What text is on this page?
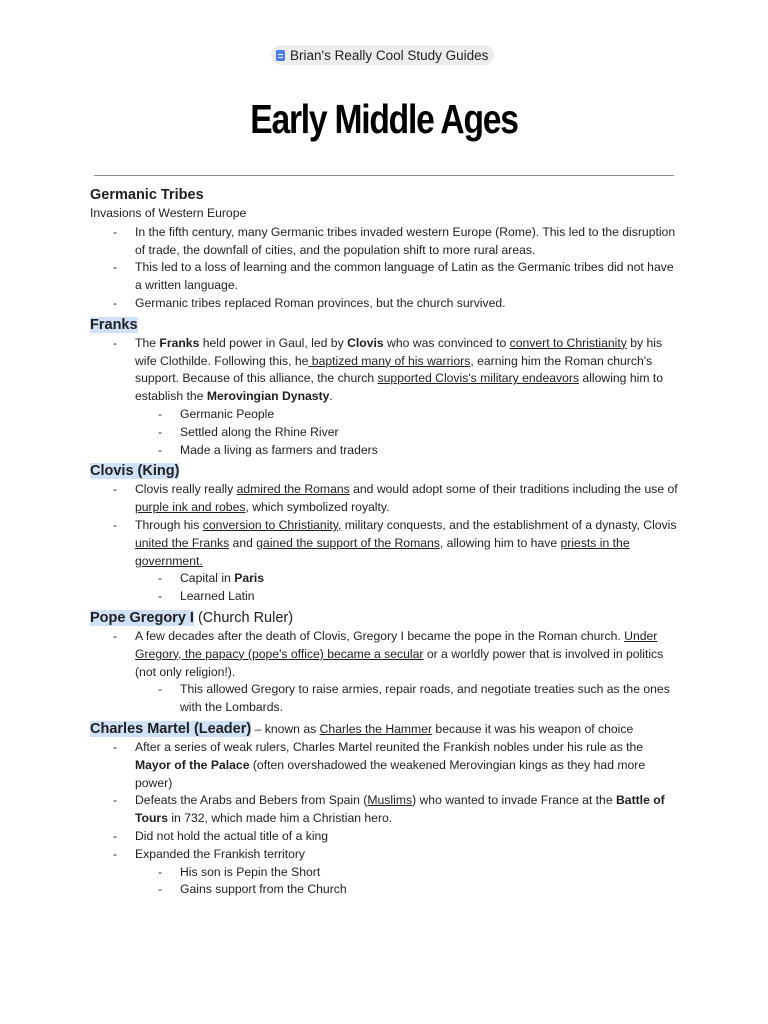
Brian's Really Cool Study Guides
Early Middle Ages
Germanic Tribes
Invasions of Western Europe
- In the fifth century, many Germanic tribes invaded western Europe (Rome). This led to the disruption of trade, the downfall of cities, and the population shift to more rural areas.
- This led to a loss of learning and the common language of Latin as the Germanic tribes did not have a written language.
- Germanic tribes replaced Roman provinces, but the church survived.
Franks
- The Franks held power in Gaul, led by Clovis who was convinced to convert to Christianity by his wife Clothilde. Following this, he baptized many of his warriors, earning him the Roman church's support. Because of this alliance, the church supported Clovis's military endeavors allowing him to establish the Merovingian Dynasty.
- Germanic People
- Settled along the Rhine River
- Made a living as farmers and traders
Clovis (King)
- Clovis really really admired the Romans and would adopt some of their traditions including the use of purple ink and robes, which symbolized royalty.
- Through his conversion to Christianity, military conquests, and the establishment of a dynasty, Clovis united the Franks and gained the support of the Romans, allowing him to have priests in the government.
- Capital in Paris
- Learned Latin
Pope Gregory I (Church Ruler)
- A few decades after the death of Clovis, Gregory I became the pope in the Roman church. Under Gregory, the papacy (pope's office) became a secular or a worldly power that is involved in politics (not only religion!).
- This allowed Gregory to raise armies, repair roads, and negotiate treaties such as the ones with the Lombards.
Charles Martel (Leader) – known as Charles the Hammer because it was his weapon of choice
- After a series of weak rulers, Charles Martel reunited the Frankish nobles under his rule as the Mayor of the Palace (often overshadowed the weakened Merovingian kings as they had more power)
- Defeats the Arabs and Bebers from Spain (Muslims) who wanted to invade France at the Battle of Tours in 732, which made him a Christian hero.
- Did not hold the actual title of a king
- Expanded the Frankish territory
- His son is Pepin the Short
- Gains support from the Church
